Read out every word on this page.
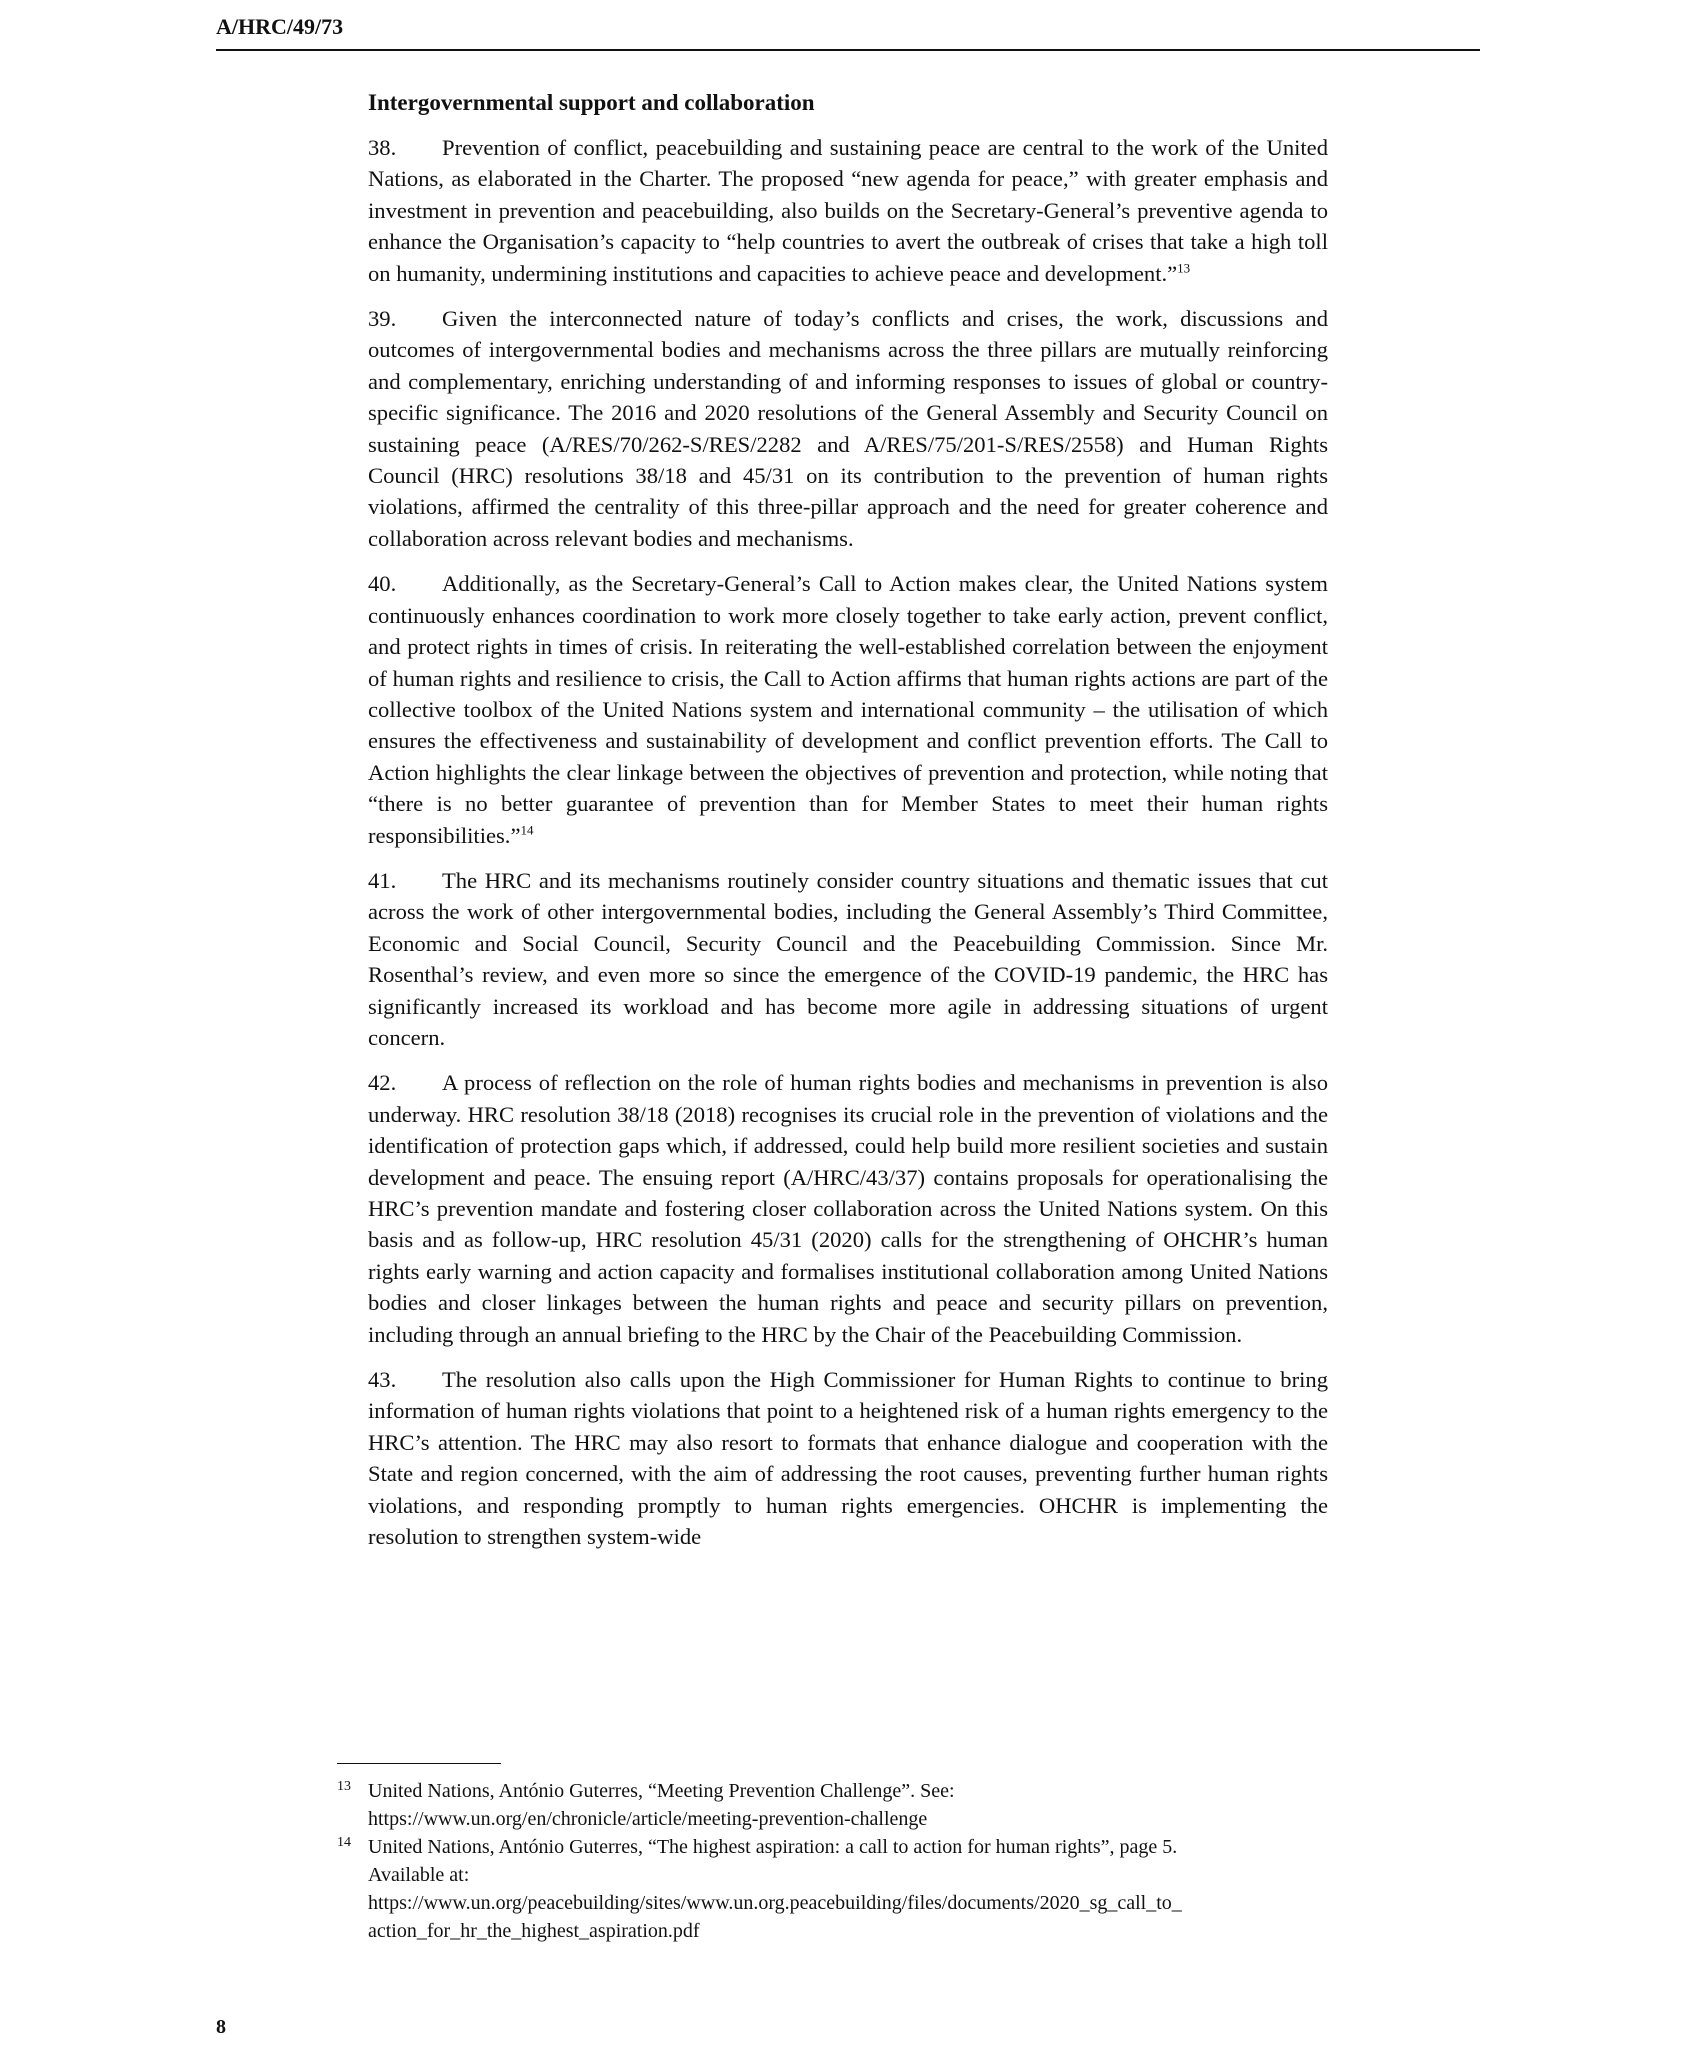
A/HRC/49/73
Intergovernmental support and collaboration

38. Prevention of conflict, peacebuilding and sustaining peace are central to the work of the United Nations, as elaborated in the Charter. The proposed “new agenda for peace,” with greater emphasis and investment in prevention and peacebuilding, also builds on the Secretary-General’s preventive agenda to enhance the Organisation’s capacity to “help countries to avert the outbreak of crises that take a high toll on humanity, undermining institutions and capacities to achieve peace and development.”$^{13}$

39. Given the interconnected nature of today’s conflicts and crises, the work, discussions and outcomes of intergovernmental bodies and mechanisms across the three pillars are mutually reinforcing and complementary, enriching understanding of and informing responses to issues of global or country-specific significance. The 2016 and 2020 resolutions of the General Assembly and Security Council on sustaining peace (A/RES/70/262-S/RES/2282 and A/RES/75/201-S/RES/2558) and Human Rights Council (HRC) resolutions 38/18 and 45/31 on its contribution to the prevention of human rights violations, affirmed the centrality of this three-pillar approach and the need for greater coherence and collaboration across relevant bodies and mechanisms.

40. Additionally, as the Secretary-General’s Call to Action makes clear, the United Nations system continuously enhances coordination to work more closely together to take early action, prevent conflict, and protect rights in times of crisis. In reiterating the well-established correlation between the enjoyment of human rights and resilience to crisis, the Call to Action affirms that human rights actions are part of the collective toolbox of the United Nations system and international community – the utilisation of which ensures the effectiveness and sustainability of development and conflict prevention efforts. The Call to Action highlights the clear linkage between the objectives of prevention and protection, while noting that “there is no better guarantee of prevention than for Member States to meet their human rights responsibilities.”$^{14}$

41. The HRC and its mechanisms routinely consider country situations and thematic issues that cut across the work of other intergovernmental bodies, including the General Assembly’s Third Committee, Economic and Social Council, Security Council and the Peacebuilding Commission. Since Mr. Rosenthal’s review, and even more so since the emergence of the COVID-19 pandemic, the HRC has significantly increased its workload and has become more agile in addressing situations of urgent concern.

42. A process of reflection on the role of human rights bodies and mechanisms in prevention is also underway. HRC resolution 38/18 (2018) recognises its crucial role in the prevention of violations and the identification of protection gaps which, if addressed, could help build more resilient societies and sustain development and peace. The ensuing report (A/HRC/43/37) contains proposals for operationalising the HRC’s prevention mandate and fostering closer collaboration across the United Nations system. On this basis and as follow-up, HRC resolution 45/31 (2020) calls for the strengthening of OHCHR’s human rights early warning and action capacity and formalises institutional collaboration among United Nations bodies and closer linkages between the human rights and peace and security pillars on prevention, including through an annual briefing to the HRC by the Chair of the Peacebuilding Commission.

43. The resolution also calls upon the High Commissioner for Human Rights to continue to bring information of human rights violations that point to a heightened risk of a human rights emergency to the HRC’s attention. The HRC may also resort to formats that enhance dialogue and cooperation with the State and region concerned, with the aim of addressing the root causes, preventing further human rights violations, and responding promptly to human rights emergencies. OHCHR is implementing the resolution to strengthen system-wide

13 United Nations, António Guterres, “Meeting Prevention Challenge”. See:
https://www.un.org/en/chronicle/article/meeting-prevention-challenge
14 United Nations, António Guterres, “The highest aspiration: a call to action for human rights”, page 5.
Available at:
https://www.un.org/peacebuilding/sites/www.un.org.peacebuilding/files/documents/2020_sg_call_to_
action_for_hr_the_highest_aspiration.pdf
8
